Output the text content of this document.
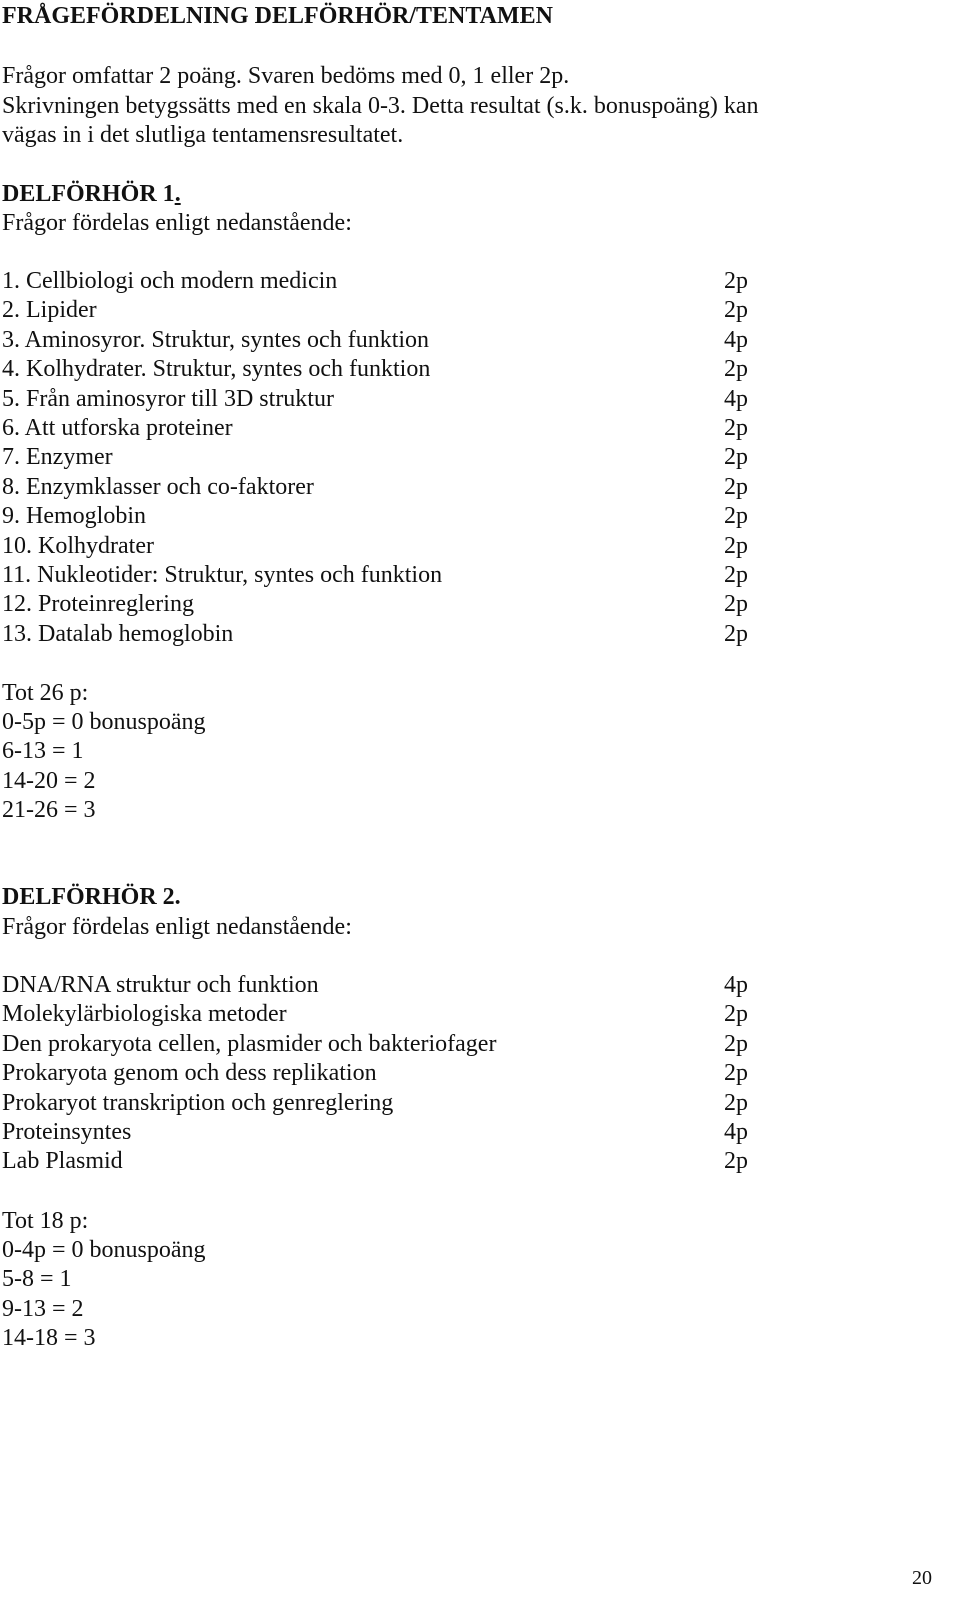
FRÅGEFÖRDELNING DELFÖRHÖR/TENTAMEN
Frågor omfattar 2 poäng. Svaren bedöms med 0, 1 eller 2p.
Skrivningen betygssätts med en skala 0-3. Detta resultat (s.k. bonuspoäng) kan
vägas in i det slutliga tentamensresultatet.
DELFÖRHÖR 1.
Frågor fördelas enligt nedanstående:
1. Cellbiologi och modern medicin	2p
2. Lipider	2p
3. Aminosyror. Struktur, syntes och funktion	4p
4. Kolhydrater. Struktur, syntes och funktion	2p
5. Från aminosyror till 3D struktur	4p
6. Att utforska proteiner	2p
7. Enzymer	2p
8. Enzymklasser och co-faktorer	2p
9. Hemoglobin	2p
10. Kolhydrater	2p
11. Nukleotider: Struktur, syntes och funktion	2p
12. Proteinreglering	2p
13. Datalab hemoglobin	2p
Tot 26 p:
0-5p = 0 bonuspoäng
6-13 = 1
14-20 = 2
21-26 = 3
DELFÖRHÖR 2.
Frågor fördelas enligt nedanstående:
DNA/RNA struktur och funktion	4p
Molekylärbiologiska metoder	2p
Den prokaryota cellen, plasmider och bakteriofager	2p
Prokaryota genom och dess replikation	2p
Prokaryot transkription och genreglering	2p
Proteinsyntes	4p
Lab Plasmid	2p
Tot 18 p:
0-4p = 0 bonuspoäng
5-8 = 1
9-13 = 2
14-18 = 3
20
